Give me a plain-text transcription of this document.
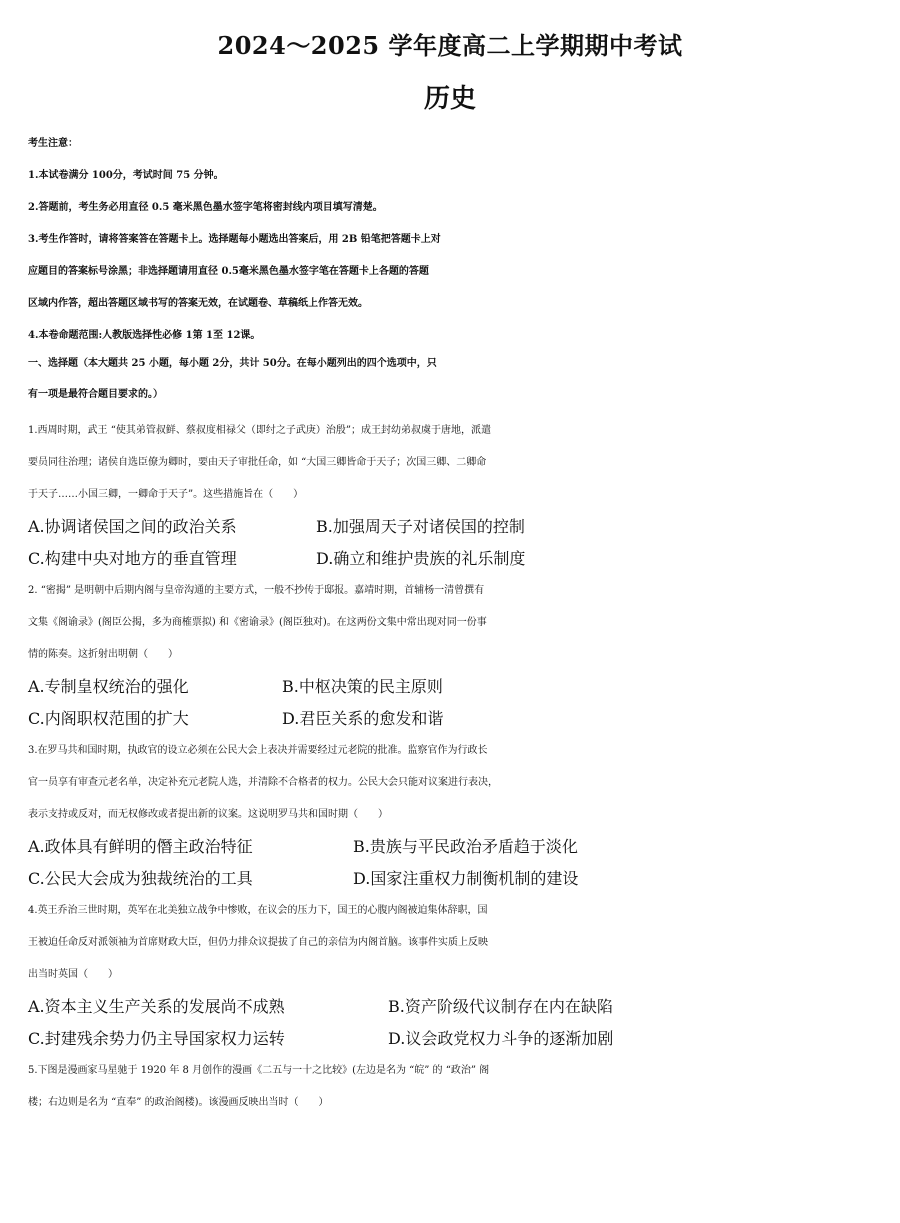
2024～2025 学年度高二上学期期中考试
历史
考生注意：
1.本试卷满分 100分，考试时间 75 分钟。
2.答题前，考生务必用直径 0.5 毫米黑色墨水签字笔将密封线内项目填写清楚。
3.考生作答时，请将答案答在答题卡上。选择题每小题选出答案后，用 2B 铅笔把答题卡上对
应题目的答案标号涂黑；非选择题请用直径 0.5毫米黑色墨水签字笔在答题卡上各题的答题
区域内作答，超出答题区域书写的答案无效，在试题卷、草稿纸上作答无效。
4.本卷命题范围:人教版选择性必修 1第 1至 12课。
一、选择题（本大题共 25 小题，每小题 2分，共计 50分。在每小题列出的四个选项中，只
有一项是最符合题目要求的。）
1.西周时期，武王 “使其弟管叔鲜、蔡叔度相禄父（即纣之子武庚）治殷”；成王封幼弟叔虞于唐地，派遣
要员同往治理；诸侯自选臣僚为卿时，要由天子审批任命，如 “大国三卿皆命于天子；次国三卿、二卿命
于天子……小国三卿，一卿命于天子”。这些措施旨在（　　）
A.协调诸侯国之间的政治关系	B.加强周天子对诸侯国的控制
C.构建中央对地方的垂直管理	D.确立和维护贵族的礼乐制度
2. “密揭” 是明朝中后期内阁与皇帝沟通的主要方式，一般不抄传于邸报。嘉靖时期，首辅杨一清曾撰有
文集《阁谕录》(阁臣公揭，多为商榷票拟) 和《密谕录》(阁臣独对)。在这两份文集中常出现对同一份事
情的陈奏。这折射出明朝（　　）
A.专制皇权统治的强化	B.中枢决策的民主原则
C.内阁职权范围的扩大	D.君臣关系的愈发和谐
3.在罗马共和国时期，执政官的设立必须在公民大会上表决并需要经过元老院的批准。监察官作为行政长
官一员享有审查元老名单，决定补充元老院人选，并清除不合格者的权力。公民大会只能对议案进行表决，
表示支持或反对，而无权修改或者提出新的议案。这说明罗马共和国时期（　　）
A.政体具有鲜明的僭主政治特征	B.贵族与平民政治矛盾趋于淡化
C.公民大会成为独裁统治的工具	D.国家注重权力制衡机制的建设
4.英王乔治三世时期，英军在北美独立战争中惨败，在议会的压力下，国王的心腹内阁被迫集体辞职，国
王被迫任命反对派领袖为首席财政大臣，但仍力排众议提拔了自己的亲信为内阁首脑。该事件实质上反映
出当时英国（　　）
A.资本主义生产关系的发展尚不成熟	B.资产阶级代议制存在内在缺陷
C.封建残余势力仍主导国家权力运转	D.议会政党权力斗争的逐渐加剧
5.下图是漫画家马星驰于 1920 年 8 月创作的漫画《二五与一十之比较》(左边是名为 “皖” 的 “政治” 阁
楼；右边则是名为 “直奉” 的政治阁楼)。该漫画反映出当时（　　）
